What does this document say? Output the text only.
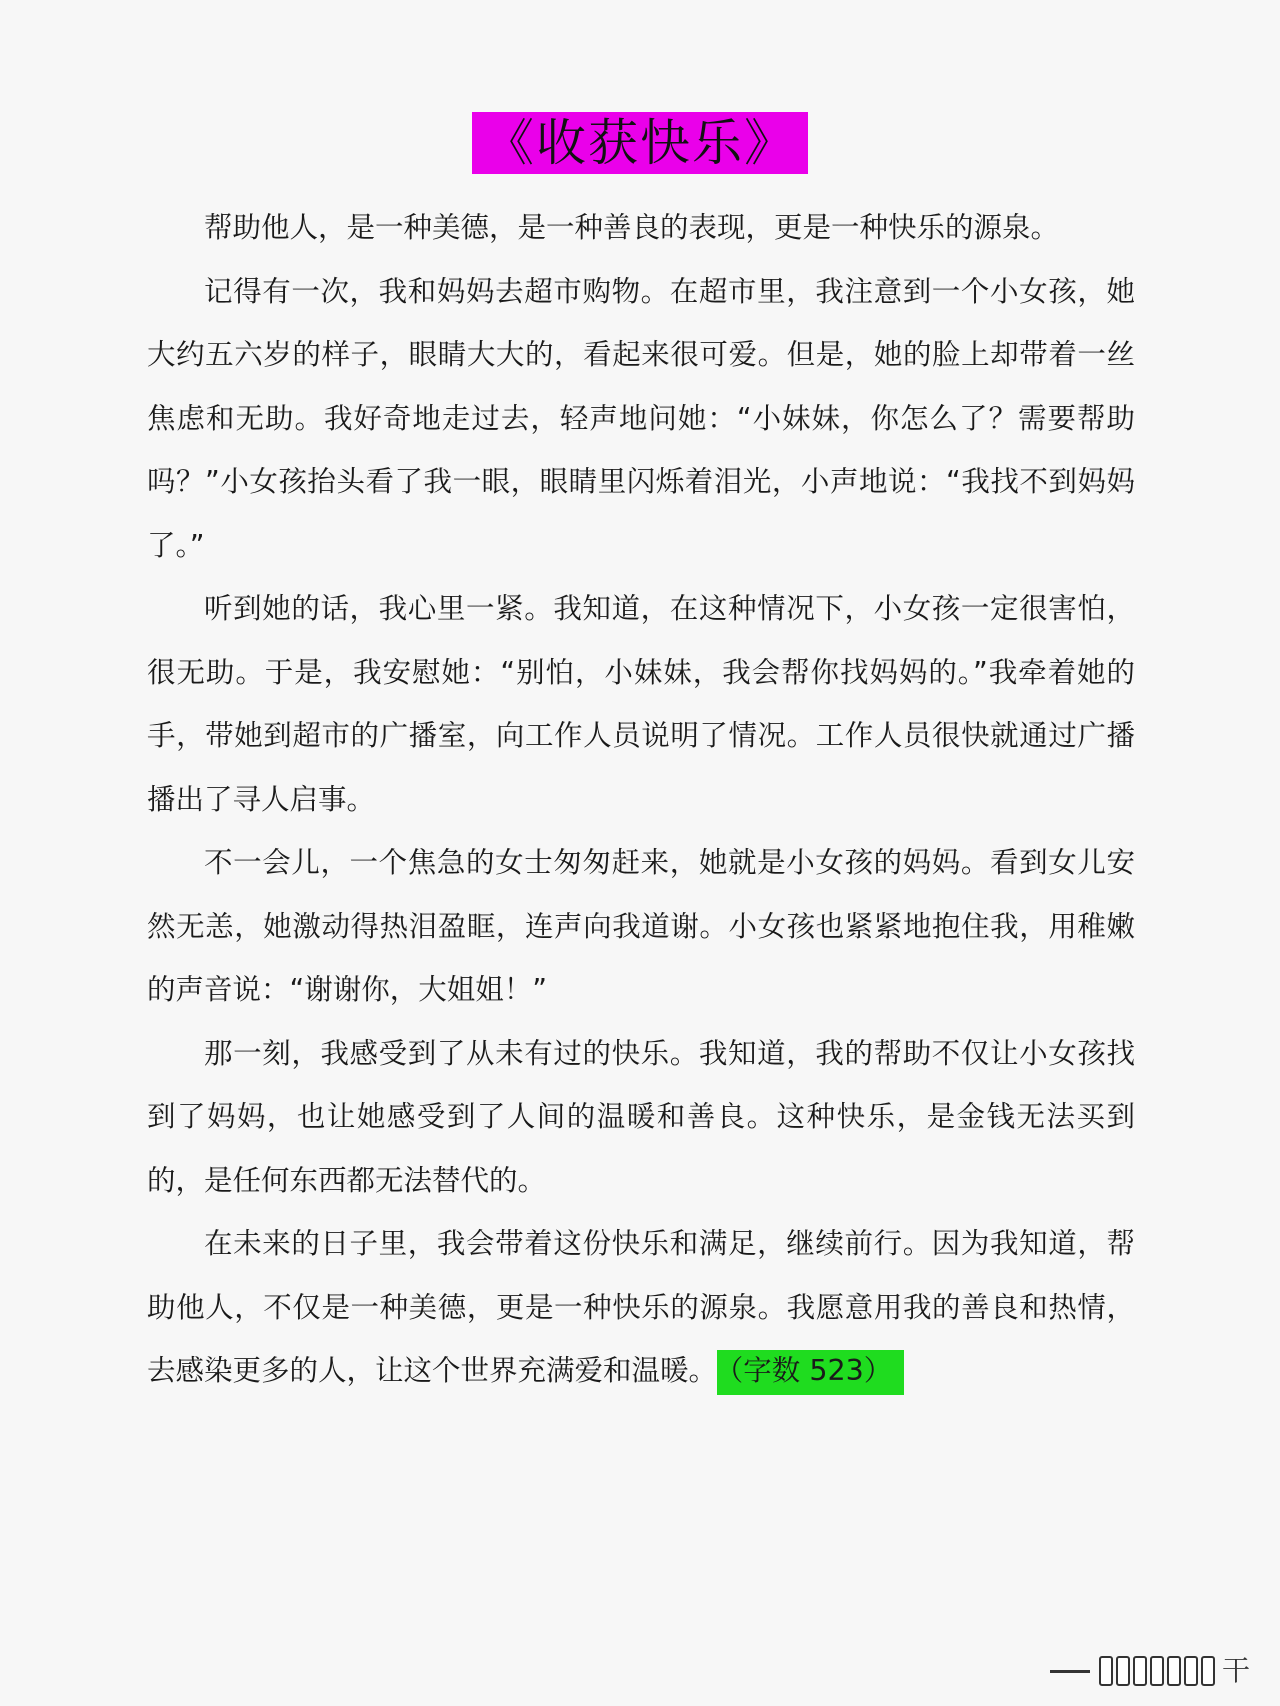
《收获快乐》

帮助他人，是一种美德，是一种善良的表现，更是一种快乐的源泉。

记得有一次，我和妈妈去超市购物。在超市里，我注意到一个小女孩，她大约五六岁的样子，眼睛大大的，看起来很可爱。但是，她的脸上却带着一丝焦虑和无助。我好奇地走过去，轻声地问她：“小妹妹，你怎么了？需要帮助吗？”小女孩抬头看了我一眼，眼睛里闪烁着泪光，小声地说：“我找不到妈妈了。”

听到她的话，我心里一紧。我知道，在这种情况下，小女孩一定很害怕，很无助。于是，我安慰她：“别怕，小妹妹，我会帮你找妈妈的。”我牵着她的手，带她到超市的广播室，向工作人员说明了情况。工作人员很快就通过广播播出了寻人启事。

不一会儿，一个焦急的女士匆匆赶来，她就是小女孩的妈妈。看到女儿安然无恙，她激动得热泪盈眶，连声向我道谢。小女孩也紧紧地抱住我，用稚嫩的声音说：“谢谢你，大姐姐！”

那一刻，我感受到了从未有过的快乐。我知道，我的帮助不仅让小女孩找到了妈妈，也让她感受到了人间的温暖和善良。这种快乐，是金钱无法买到的，是任何东西都无法替代的。

在未来的日子里，我会带着这份快乐和满足，继续前行。因为我知道，帮助他人，不仅是一种美德，更是一种快乐的源泉。我愿意用我的善良和热情，去感染更多的人，让这个世界充满爱和温暖。 （字数 523）

干
